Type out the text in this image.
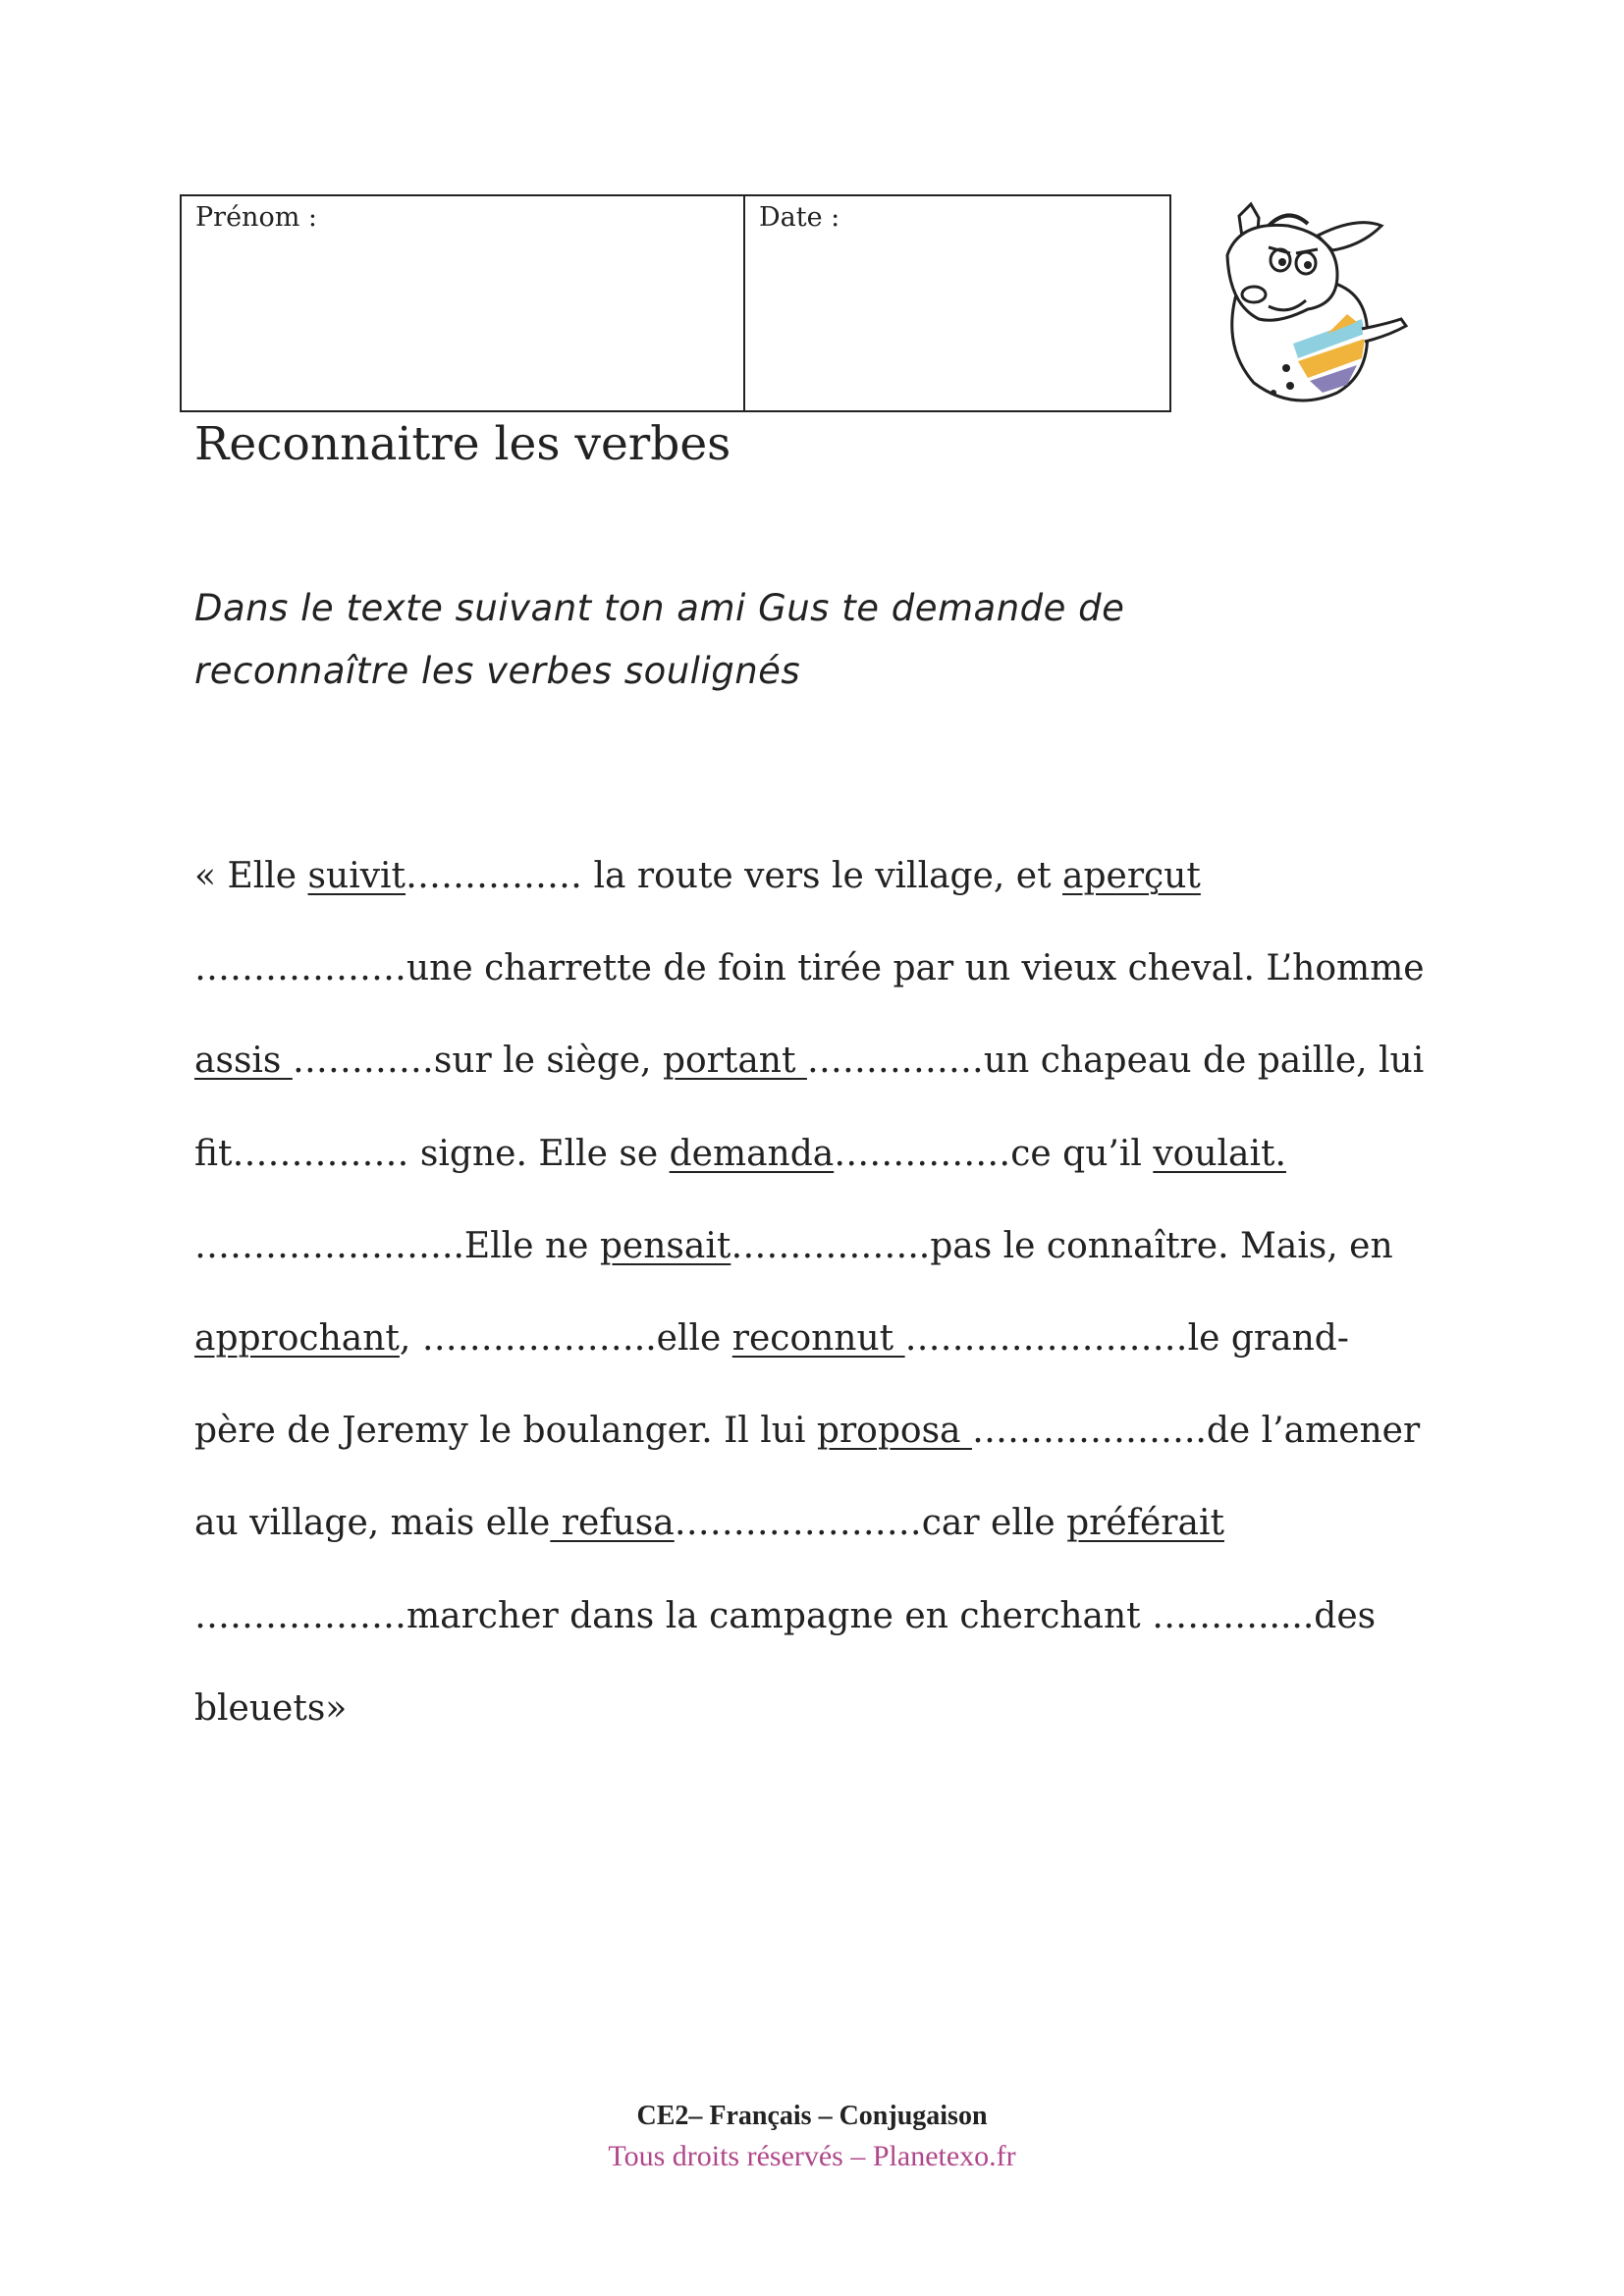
Prénom :	Date :
Reconnaitre les verbes

Dans le texte suivant ton ami Gus te demande de reconnaître les verbes soulignés

« Elle suivit…………… la route vers le village, et aperçut
………………une charrette de foin tirée par un vieux cheval. L’homme
assis …………sur le siège, portant ……………un chapeau de paille, lui
fit…………… signe. Elle se demanda……………ce qu’il voulait.
…………………..Elle ne pensait……………..pas le connaître. Mais, en
approchant, ………………..elle reconnut ……………………le grand-
père de Jeremy le boulanger. Il lui proposa ………………..de l’amener
au village, mais elle refusa…………………car elle préférait
………………marcher dans la campagne en cherchant ……….....des
bleuets»
CE2– Français – Conjugaison
Tous droits réservés – Planetexo.fr
